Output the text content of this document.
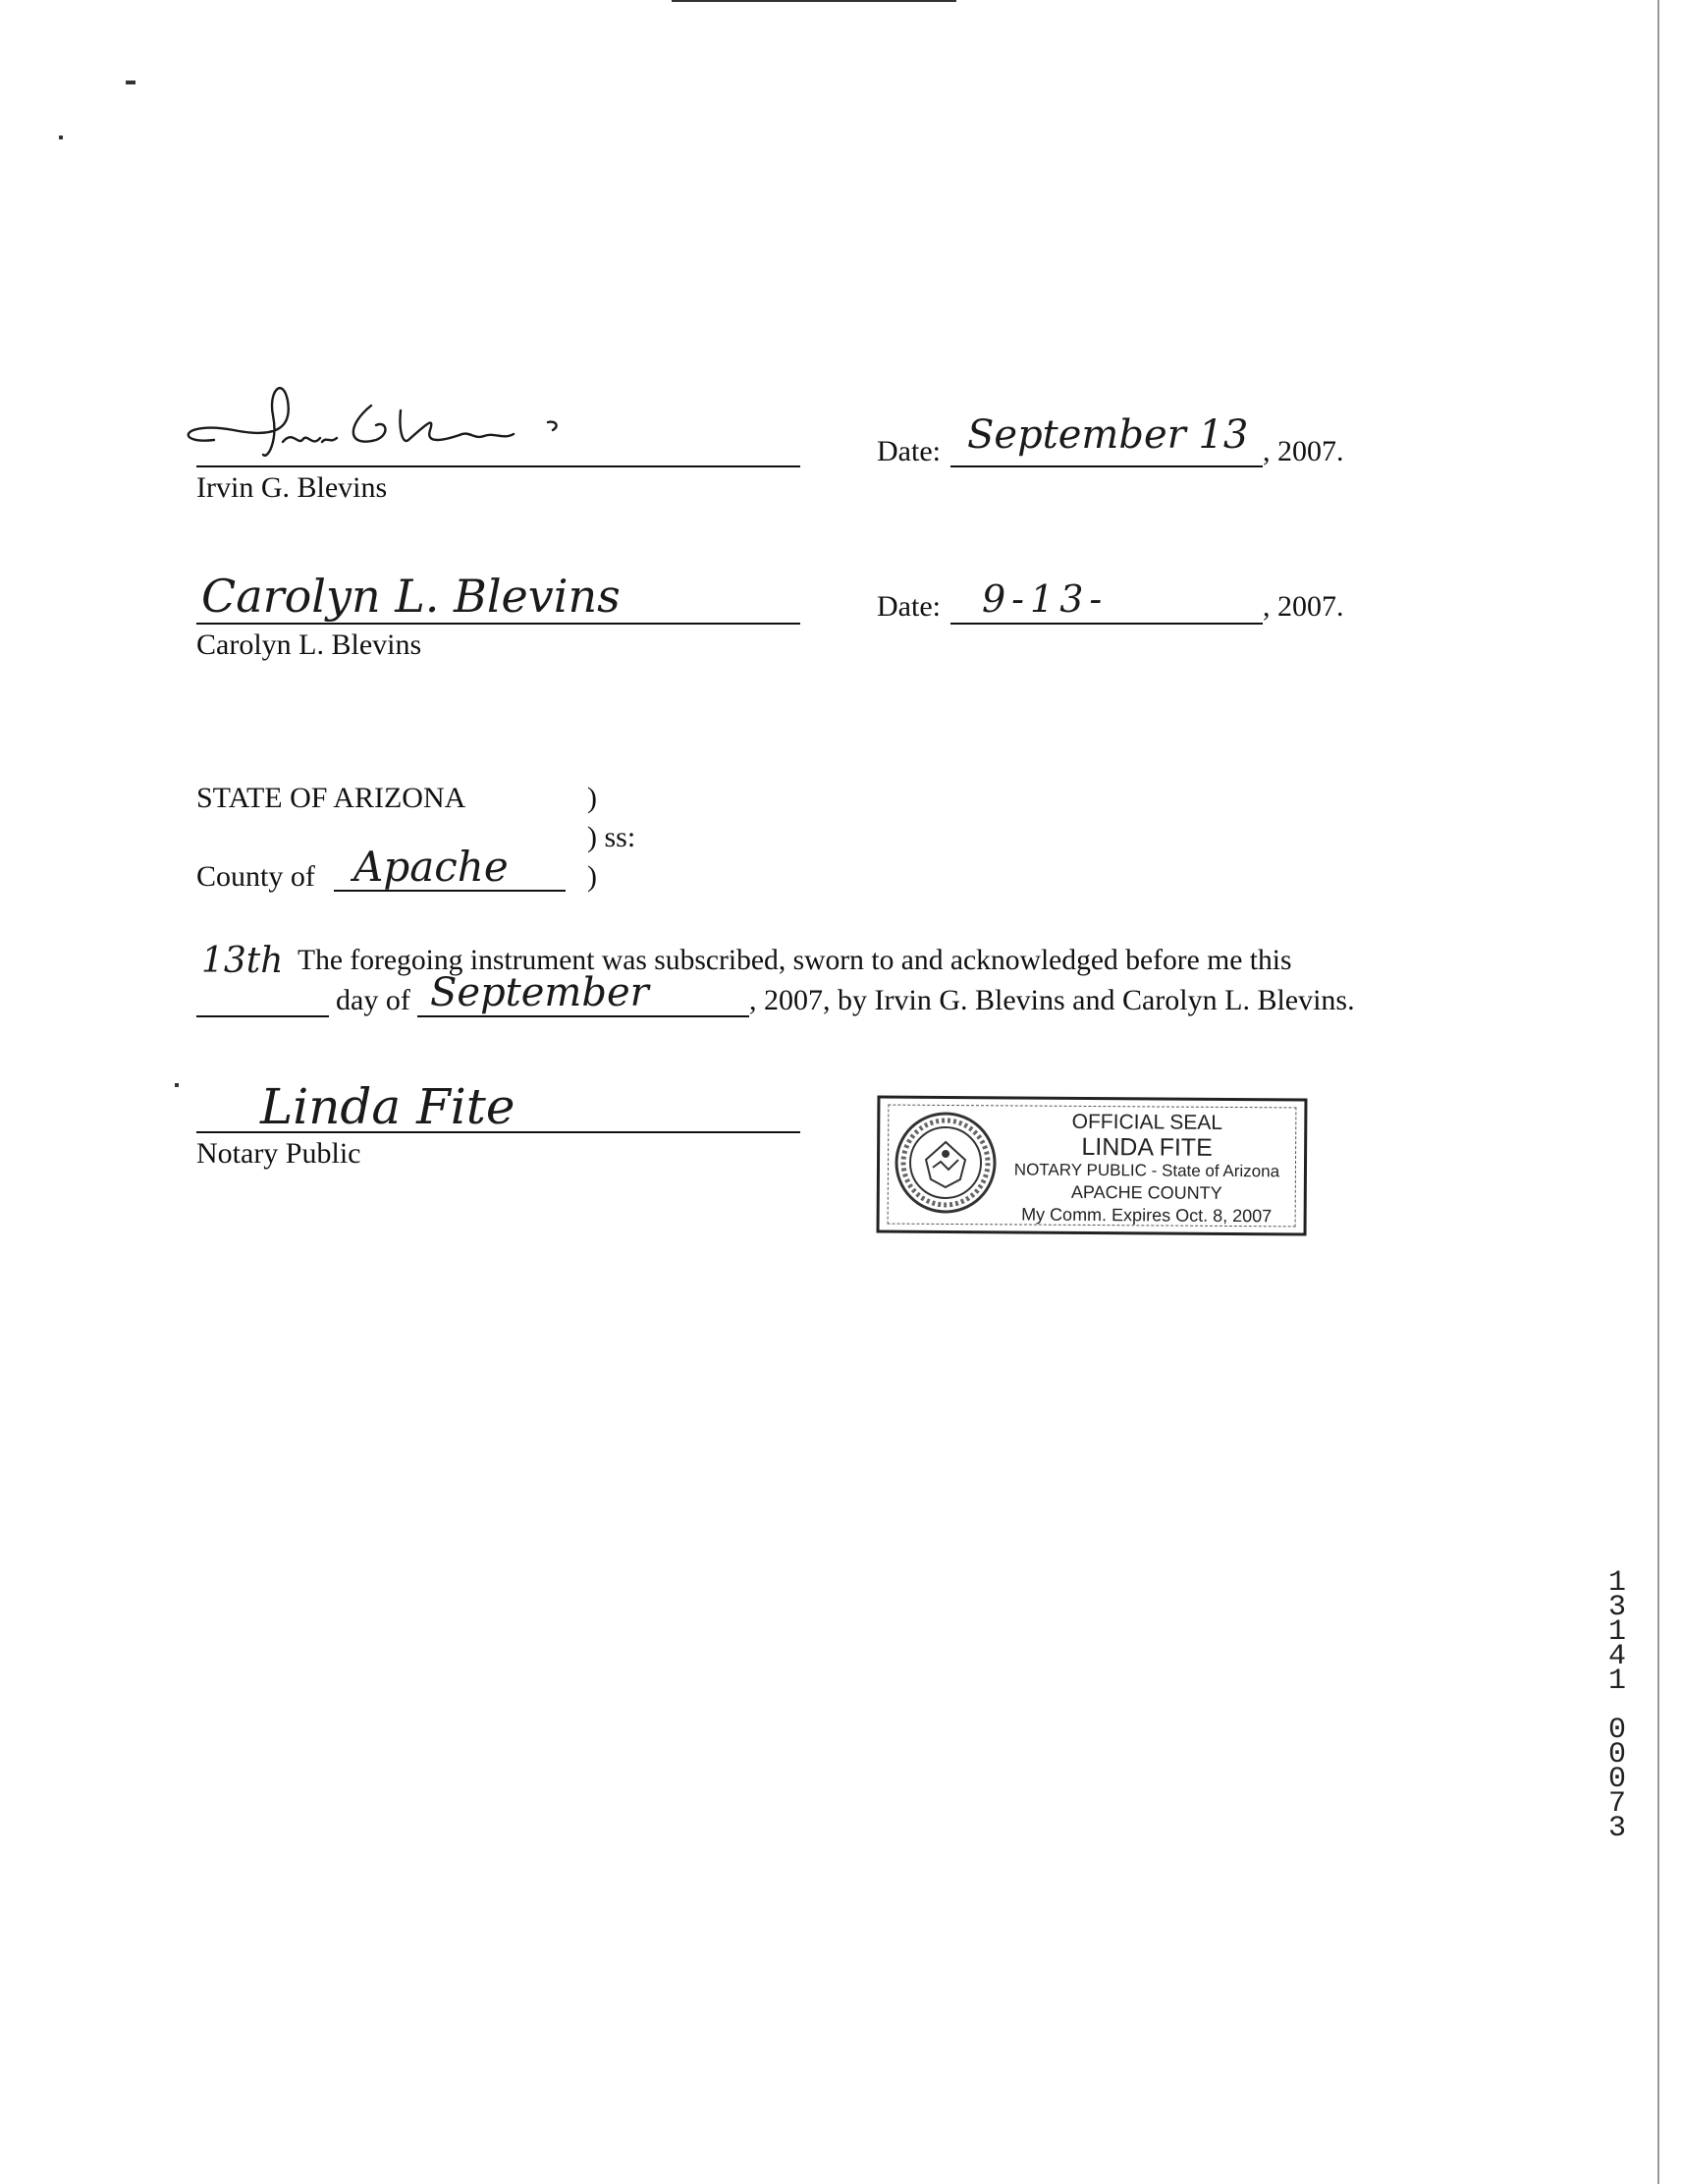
Irvin G. Blevins
Date: September 13 , 2007.
Carolyn L. Blevins
Carolyn L. Blevins
Date: 9-13-	, 2007.
STATE OF ARIZONA	)
) ss:
County of Apache	)
13th The foregoing instrument was subscribed, sworn to and acknowledged before me this
day of September	, 2007, by Irvin G. Blevins and Carolyn L. Blevins.
Linda Fite
Notary Public
OFFICIAL SEAL
LINDA FITE
NOTARY PUBLIC - State of Arizona
APACHE COUNTY
My Comm. Expires Oct. 8, 2007
1
3
1
4
1
0
0
0
7
3
